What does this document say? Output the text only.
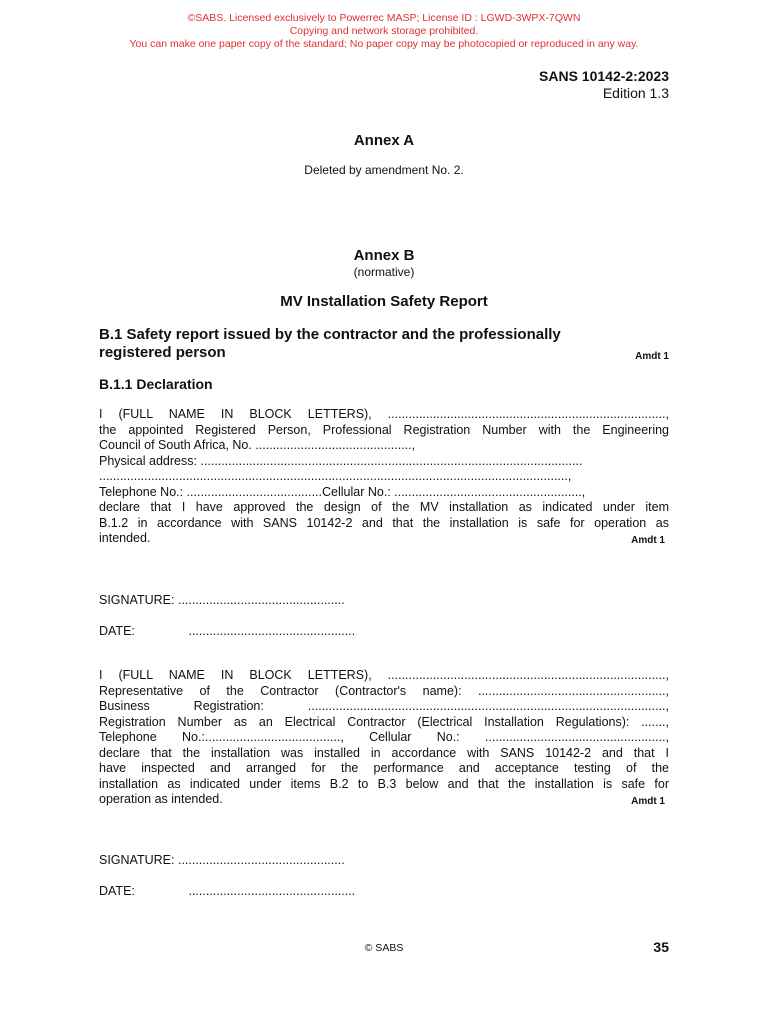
©SABS. Licensed exclusively to Powerrec MASP; License ID : LGWD-3WPX-7QWN
Copying and network storage prohibited.
You can make one paper copy of the standard; No paper copy may be photocopied or reproduced in any way.
SANS 10142-2:2023
Edition 1.3
Annex A
Deleted by amendment No. 2.
Annex B
(normative)
MV Installation Safety Report
B.1 Safety report issued by the contractor and the professionally
registered person	Amdt 1
B.1.1 Declaration
I (FULL NAME IN BLOCK LETTERS), ................................................................................,
the appointed Registered Person, Professional Registration Number with the Engineering
Council of South Africa, No. .............................................,
Physical address: ..............................................................................................................
.......................................................................................................................................,
Telephone No.: .......................................Cellular No.: ......................................................,
declare that I have approved the design of the MV installation as indicated under item
B.1.2 in accordance with SANS 10142-2 and that the installation is safe for operation as
intended.	Amdt 1
SIGNATURE: ................................................
DATE:	................................................
I (FULL NAME IN BLOCK LETTERS), ................................................................................,
Representative of the Contractor (Contractor's name): ......................................................,
Business Registration: .......................................................................................................,
Registration Number as an Electrical Contractor (Electrical Installation Regulations): .......,
Telephone No.:......................................., Cellular No.: ....................................................,
declare that the installation was installed in accordance with SANS 10142-2 and that I
have inspected and arranged for the performance and acceptance testing of the
installation as indicated under items B.2 to B.3 below and that the installation is safe for
operation as intended.	Amdt 1
SIGNATURE: ................................................
DATE:	................................................
© SABS	35
